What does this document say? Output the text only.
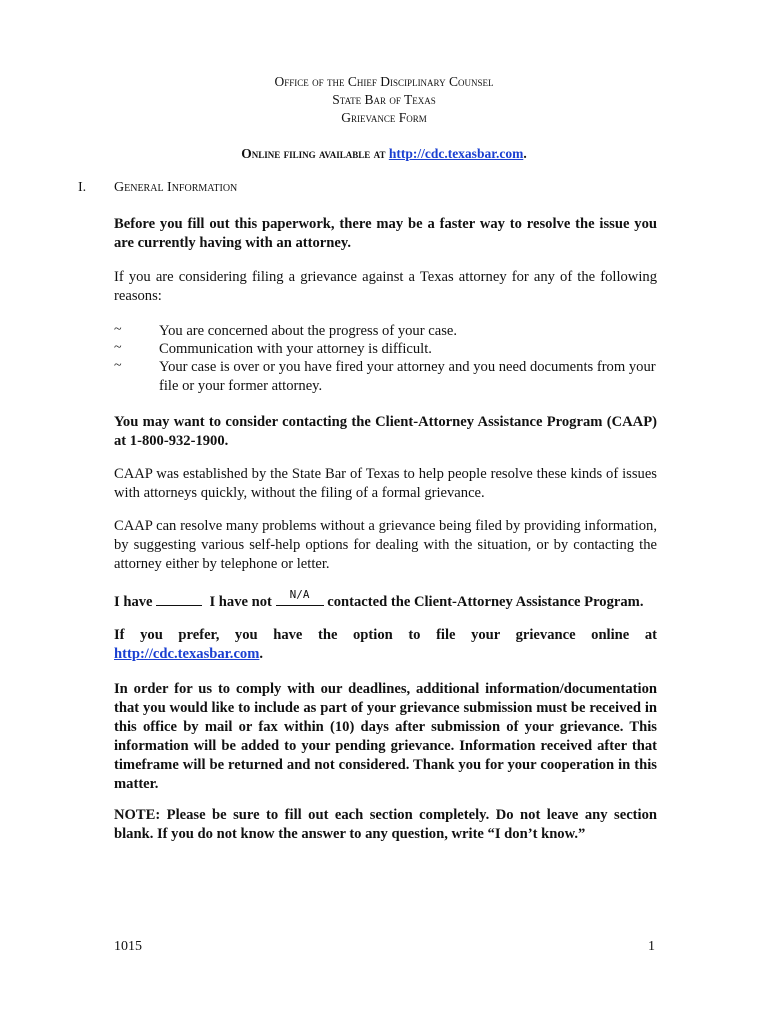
Office of the Chief Disciplinary Counsel
State Bar of Texas
Grievance Form
Online filing available at http://cdc.texasbar.com.
I. General Information
Before you fill out this paperwork, there may be a faster way to resolve the issue you are currently having with an attorney.
If you are considering filing a grievance against a Texas attorney for any of the following reasons:
~	You are concerned about the progress of your case.
~	Communication with your attorney is difficult.
~	Your case is over or you have fired your attorney and you need documents from your file or your former attorney.
You may want to consider contacting the Client-Attorney Assistance Program (CAAP) at 1-800-932-1900.
CAAP was established by the State Bar of Texas to help people resolve these kinds of issues with attorneys quickly, without the filing of a formal grievance.
CAAP can resolve many problems without a grievance being filed by providing information, by suggesting various self-help options for dealing with the situation, or by contacting the attorney either by telephone or letter.
I have	I have not	N/A	contacted the Client-Attorney Assistance Program.
If you prefer, you have the option to file your grievance online at
http://cdc.texasbar.com.
In order for us to comply with our deadlines, additional information/documentation that you would like to include as part of your grievance submission must be received in this office by mail or fax within (10) days after submission of your grievance. This information will be added to your pending grievance. Information received after that timeframe will be returned and not considered. Thank you for your cooperation in this matter.
NOTE: Please be sure to fill out each section completely. Do not leave any section blank. If you do not know the answer to any question, write “I don’t know.”
1015	1
